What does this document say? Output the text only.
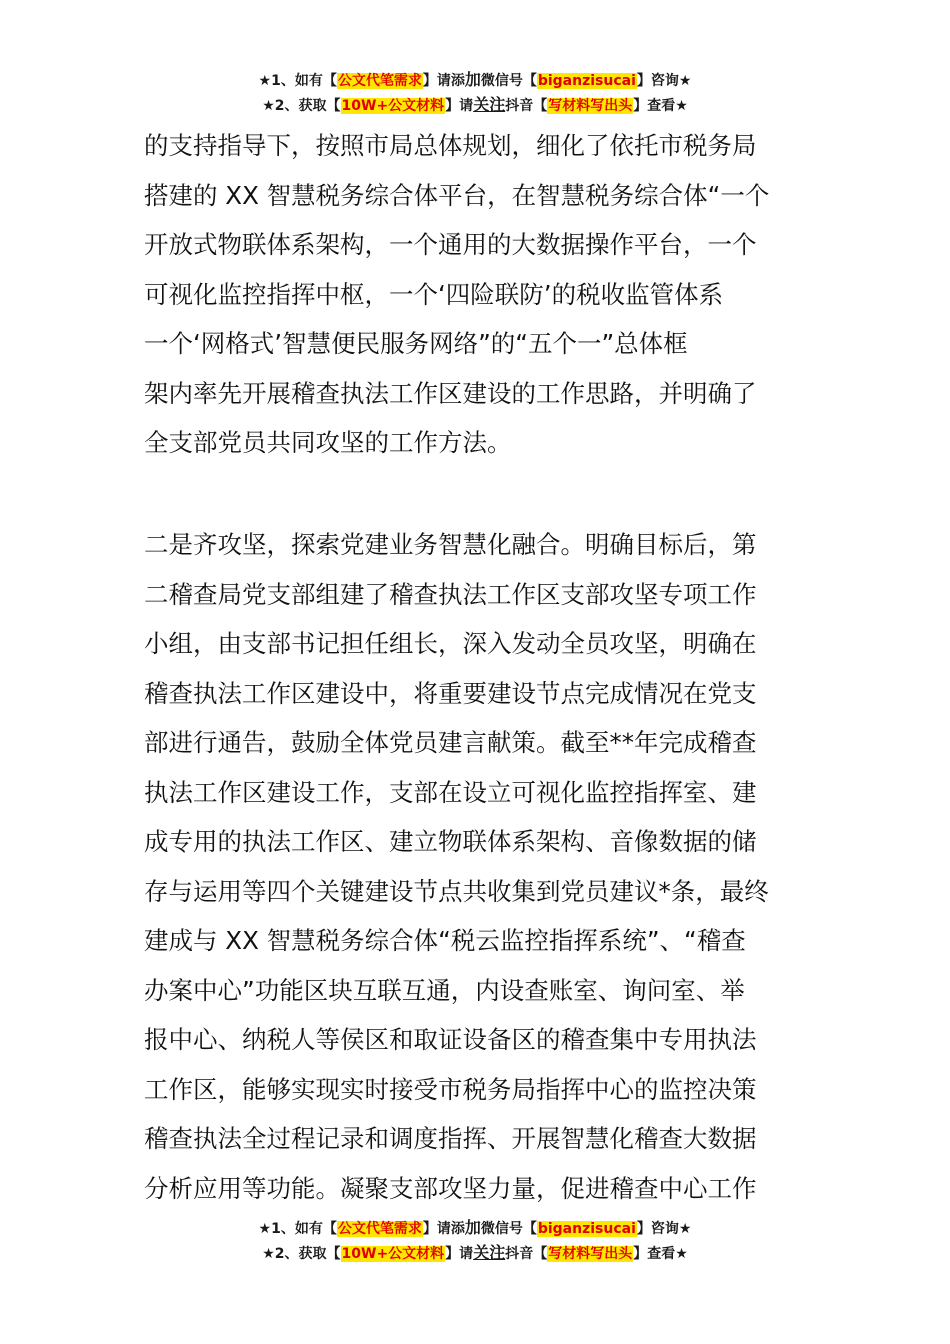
★1、如有【公文代笔需求】请添加微信号【biganzisucai】咨询★
★2、获取【10W+公文材料】请关注抖音【写材料写出头】查看★

的支持指导下，按照市局总体规划，细化了依托市税务局
搭建的 XX 智慧税务综合体平台，在智慧税务综合体“一个
开放式物联体系架构，一个通用的大数据操作平台，一个
可视化监控指挥中枢，一个‘四险联防’的税收监管体系
一个‘网格式’智慧便民服务网络”的“五个一”总体框
架内率先开展稽查执法工作区建设的工作思路，并明确了
全支部党员共同攻坚的工作方法。

二是齐攻坚，探索党建业务智慧化融合。明确目标后，第
二稽查局党支部组建了稽查执法工作区支部攻坚专项工作
小组，由支部书记担任组长，深入发动全员攻坚，明确在
稽查执法工作区建设中，将重要建设节点完成情况在党支
部进行通告，鼓励全体党员建言献策。截至**年完成稽查
执法工作区建设工作，支部在设立可视化监控指挥室、建
成专用的执法工作区、建立物联体系架构、音像数据的储
存与运用等四个关键建设节点共收集到党员建议*条，最终
建成与 XX 智慧税务综合体“税云监控指挥系统”、“稽查
办案中心”功能区块互联互通，内设查账室、询问室、举
报中心、纳税人等侯区和取证设备区的稽查集中专用执法
工作区，能够实现实时接受市税务局指挥中心的监控决策
稽查执法全过程记录和调度指挥、开展智慧化稽查大数据
分析应用等功能。凝聚支部攻坚力量，促进稽查中心工作

★1、如有【公文代笔需求】请添加微信号【biganzisucai】咨询★
★2、获取【10W+公文材料】请关注抖音【写材料写出头】查看★
